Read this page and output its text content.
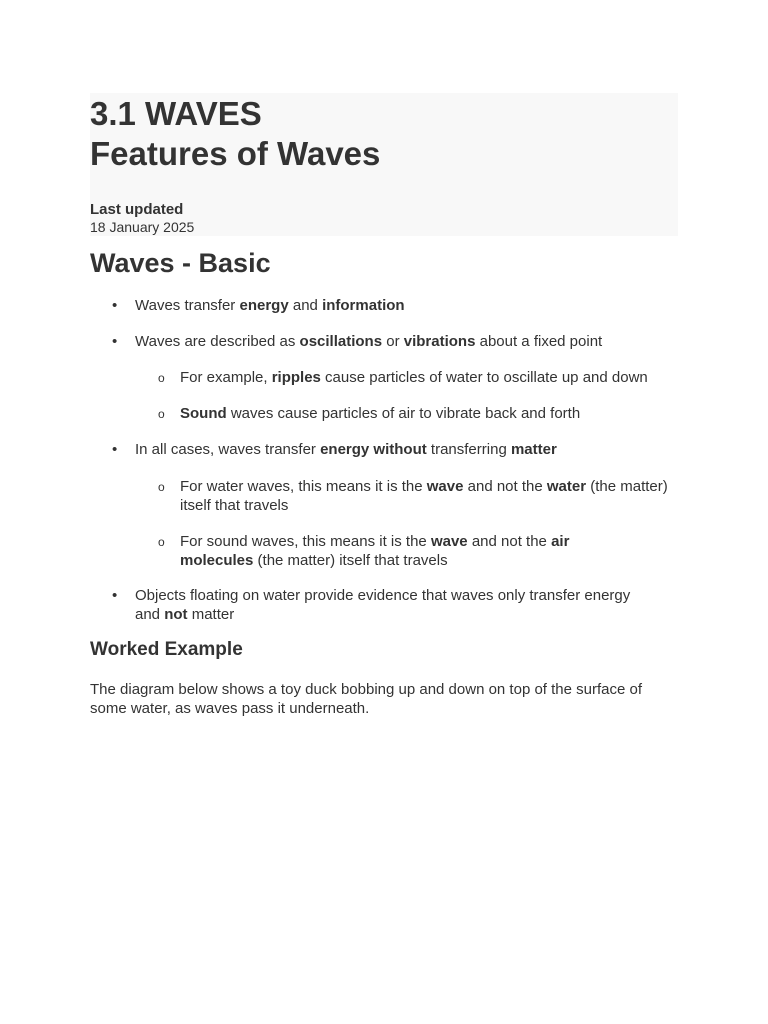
3.1 WAVES
Features of Waves
Last updated
18 January 2025
Waves - Basic
• Waves transfer energy and information
• Waves are described as oscillations or vibrations about a fixed point
o For example, ripples cause particles of water to oscillate up and down
o Sound waves cause particles of air to vibrate back and forth
• In all cases, waves transfer energy without transferring matter
o For water waves, this means it is the wave and not the water (the matter)
itself that travels
o For sound waves, this means it is the wave and not the air
molecules (the matter) itself that travels
• Objects floating on water provide evidence that waves only transfer energy
and not matter
Worked Example
The diagram below shows a toy duck bobbing up and down on top of the surface of
some water, as waves pass it underneath.
